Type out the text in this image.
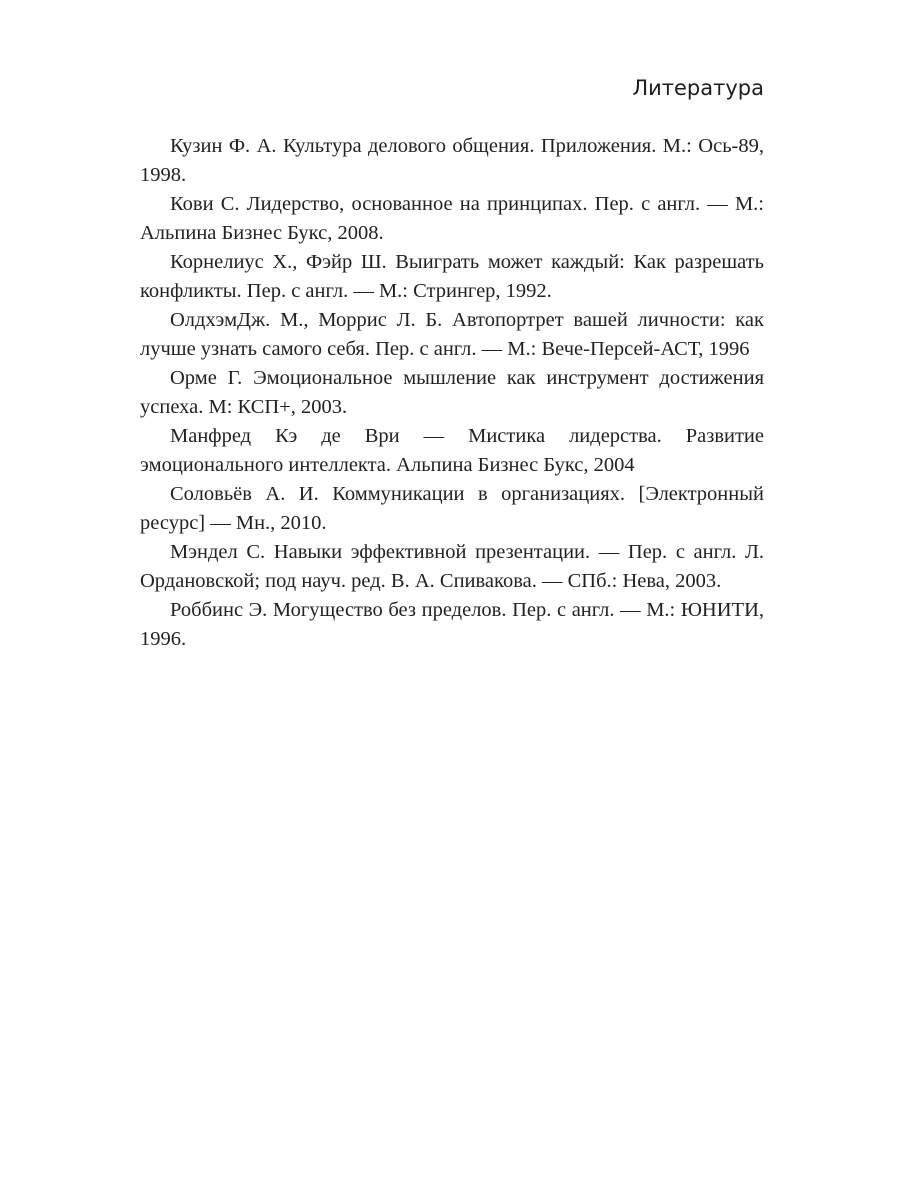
Литература

Кузин Ф. А. Культура делового общения. Приложения. М.: Ось-89, 1998.

Кови С. Лидерство, основанное на принципах. Пер. с англ. — М.: Альпина Бизнес Букс, 2008.

Корнелиус Х., Фэйр Ш. Выиграть может каждый: Как разрешать конфликты. Пер. с англ. — М.: Стрингер, 1992.

ОлдхэмДж. М., Моррис Л. Б. Автопортрет вашей личности: как лучше узнать самого себя. Пер. с англ. — М.: Вече-Персей-АСТ, 1996

Орме Г. Эмоциональное мышление как инструмент достижения успеха. М: КСП+, 2003.

Манфред Кэ де Ври — Мистика лидерства. Развитие эмоционального интеллекта. Альпина Бизнес Букс, 2004

Соловьёв А. И. Коммуникации в организациях. [Электронный ресурс] — Мн., 2010.

Мэндел С. Навыки эффективной презентации. — Пер. с англ. Л. Ордановской; под науч. ред. В. А. Спивакова. — СПб.: Нева, 2003.

Роббинс Э. Могущество без пределов. Пер. с англ. — М.: ЮНИТИ, 1996.
